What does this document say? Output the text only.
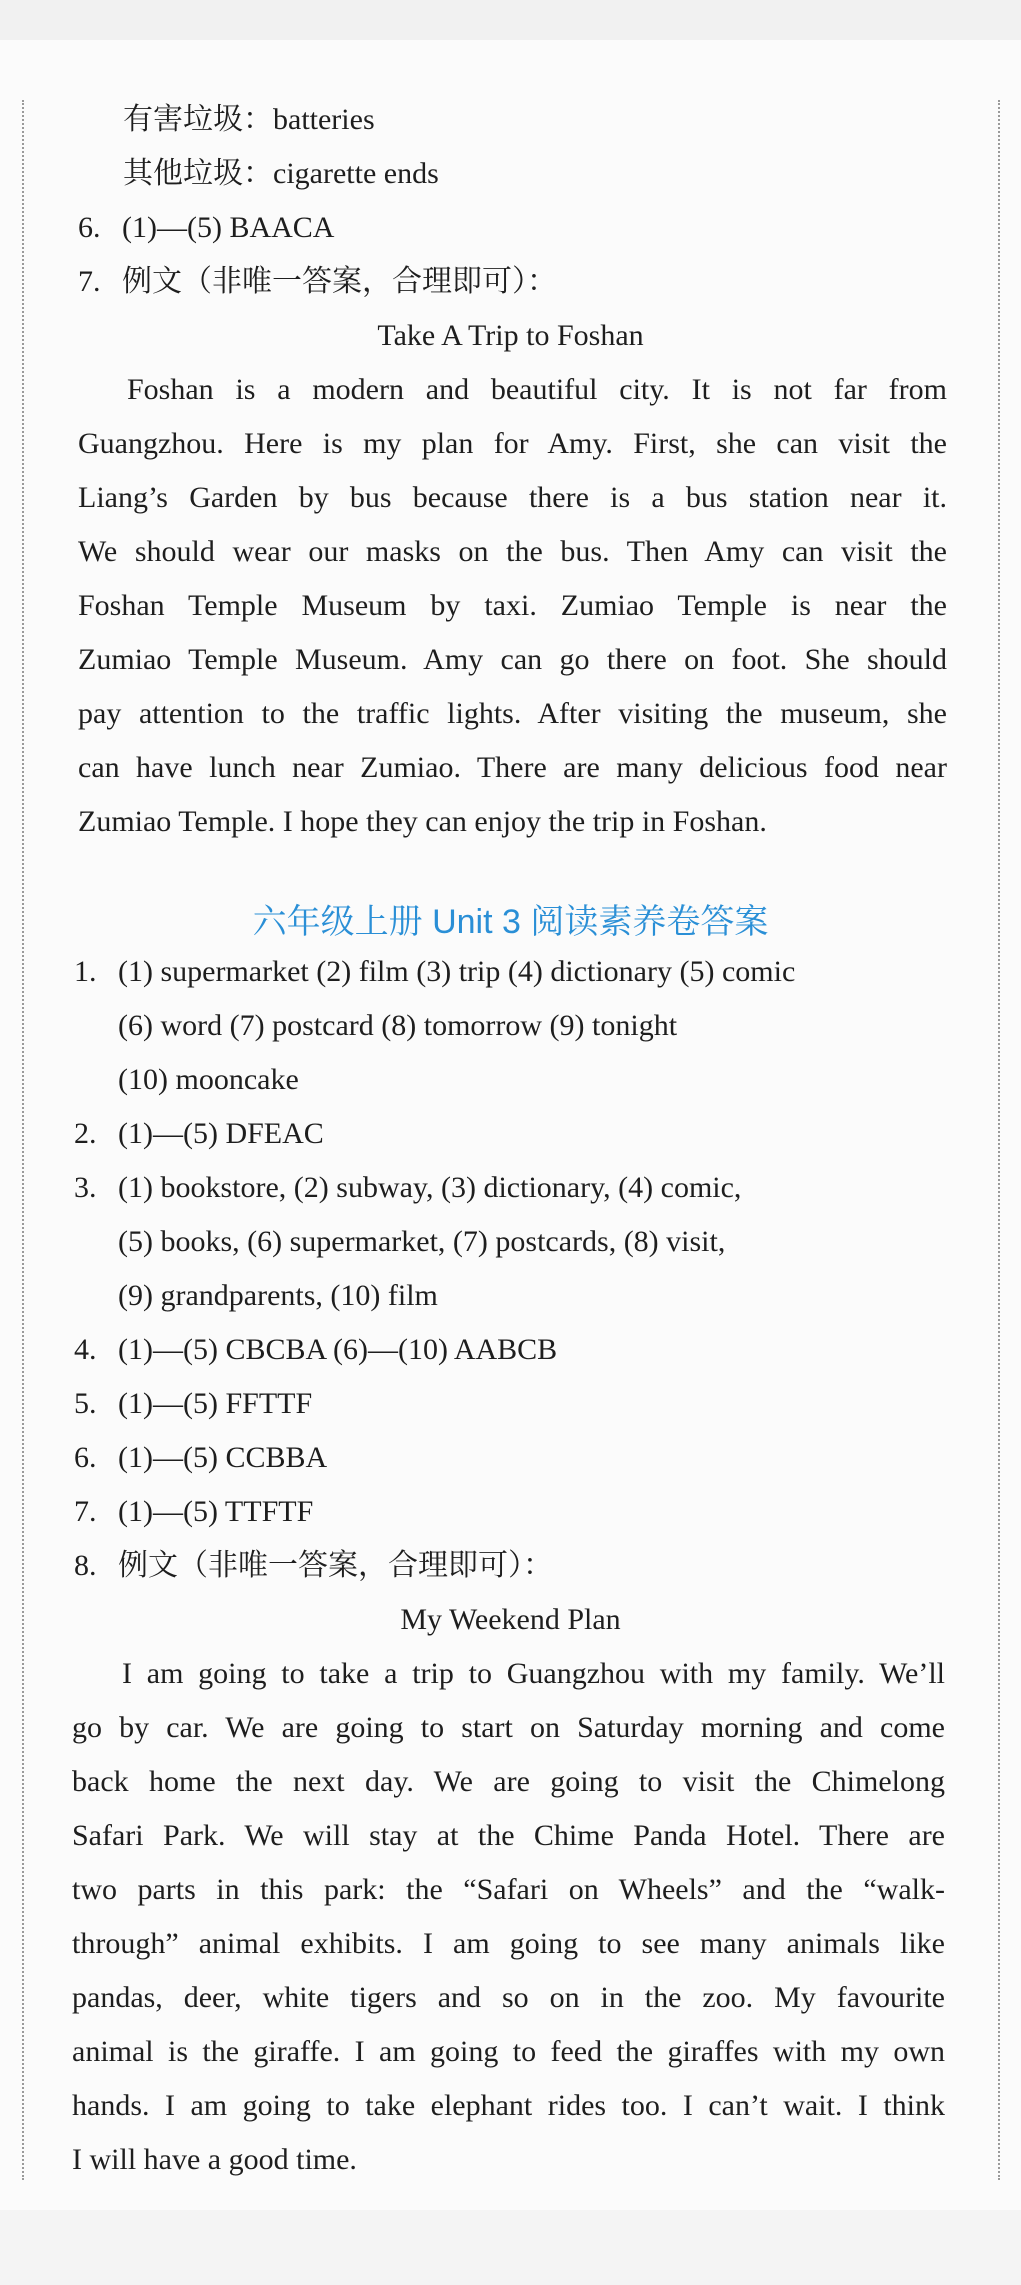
有害垃圾：batteries
其他垃圾：cigarette ends
6. (1)—(5) BAACA
7. 例文（非唯一答案，合理即可）：
Take A Trip to Foshan
Foshan is a modern and beautiful city. It is not far from
Guangzhou. Here is my plan for Amy. First, she can visit the
Liang’s Garden by bus because there is a bus station near it.
We should wear our masks on the bus. Then Amy can visit the
Foshan Temple Museum by taxi. Zumiao Temple is near the
Zumiao Temple Museum. Amy can go there on foot. She should
pay attention to the traffic lights. After visiting the museum, she
can have lunch near Zumiao. There are many delicious food near
Zumiao Temple. I hope they can enjoy the trip in Foshan.
六年级上册 Unit 3 阅读素养卷答案
1. (1) supermarket (2) film (3) trip (4) dictionary (5) comic
(6) word (7) postcard (8) tomorrow (9) tonight
(10) mooncake
2. (1)—(5) DFEAC
3. (1) bookstore, (2) subway, (3) dictionary, (4) comic,
(5) books, (6) supermarket, (7) postcards, (8) visit,
(9) grandparents, (10) film
4. (1)—(5) CBCBA (6)—(10) AABCB
5. (1)—(5) FFTTF
6. (1)—(5) CCBBA
7. (1)—(5) TTFTF
8. 例文（非唯一答案，合理即可）：
My Weekend Plan
I am going to take a trip to Guangzhou with my family. We’ll
go by car. We are going to start on Saturday morning and come
back home the next day. We are going to visit the Chimelong
Safari Park. We will stay at the Chime Panda Hotel. There are
two parts in this park: the “Safari on Wheels” and the “walk-
through” animal exhibits. I am going to see many animals like
pandas, deer, white tigers and so on in the zoo. My favourite
animal is the giraffe. I am going to feed the giraffes with my own
hands. I am going to take elephant rides too. I can’t wait. I think
I will have a good time.
